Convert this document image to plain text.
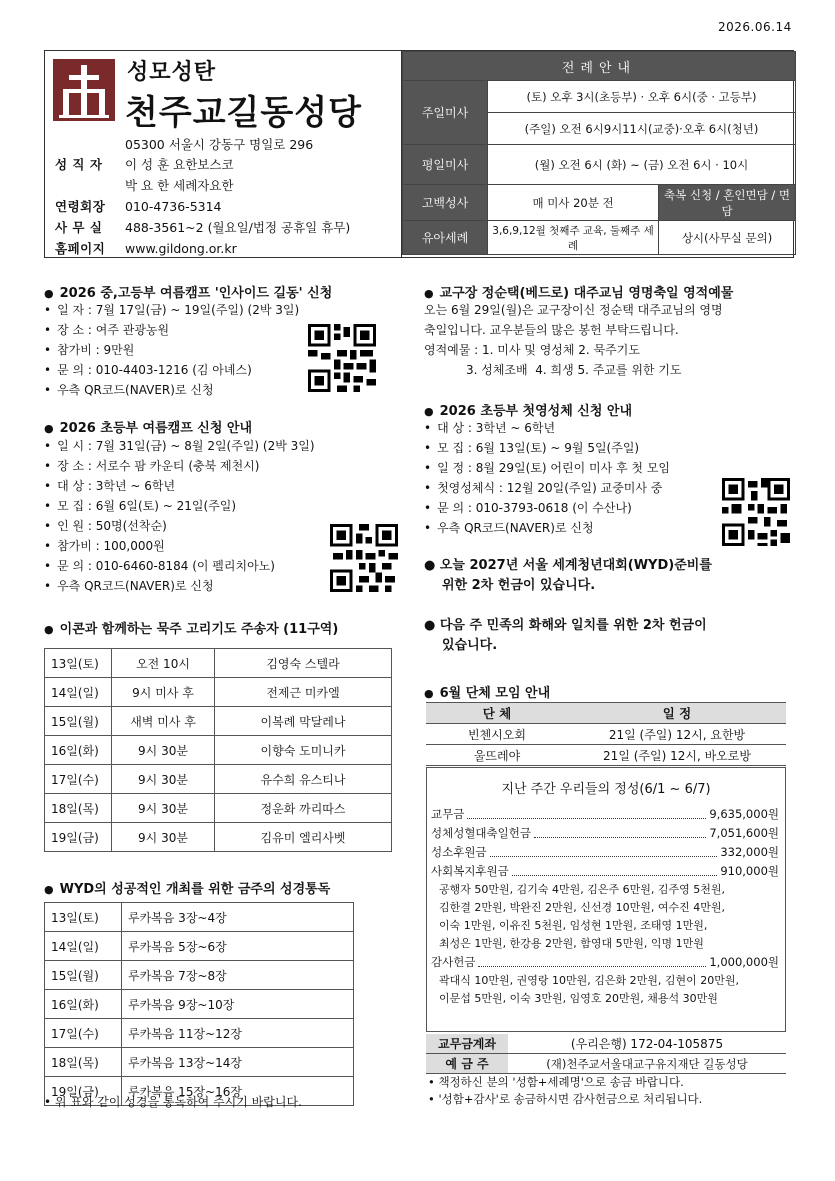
2026.06.14
성모성탄
천주교길동성당
05300 서울시 강동구 명일로 296
성 직 자 이 성 훈 요한보스코
박 요 한 세례자요한
연령회장 010-4736-5314
사 무 실 488-3561~2 (월요일/법정 공휴일 휴무)
홈페이지 www.gildong.or.kr
전례안내		
주일미사	(토) 오후 3시(초등부) · 오후 6시(중 · 고등부)	
	(주일) 오전 6시9시11시(교중)·오후 6시(청년)	
평일미사	(월) 오전 6시 (화) ~ (금) 오전 6시 · 10시	
고백성사	매 미사 20분 전	축복 신청 / 혼인면담 / 면담
유아세례	3,6,9,12월 첫째주 교육, 둘째주 세례	상시(사무실 문의)
● 2026 중,고등부 여름캠프 '인사이드 길동' 신청
• 일 자 : 7월 17일(금) ~ 19일(주일) (2박 3일)
• 장 소 : 여주 관광농원
• 참가비 : 9만원
• 문 의 : 010-4403-1216 (김 아녜스)
• 우측 QR코드(NAVER)로 신청
● 2026 초등부 여름캠프 신청 안내
• 일 시 : 7월 31일(금) ~ 8월 2일(주일) (2박 3일)
• 장 소 : 서로수 팜 카운티 (충북 제천시)
• 대 상 : 3학년 ~ 6학년
• 모 집 : 6월 6일(토) ~ 21일(주일)
• 인 원 : 50명(선착순)
• 참가비 : 100,000원
• 문 의 : 010-6460-8184 (이 펠리치아노)
• 우측 QR코드(NAVER)로 신청
● 이콘과 함께하는 묵주 고리기도 주송자 (11구역)
13일(토)	오전 10시	김영숙 스텔라
14일(일)	9시 미사 후	전제근 미카엘
15일(월)	새벽 미사 후	이복례 막달레나
16일(화)	9시 30분	이향숙 도미니카
17일(수)	9시 30분	유수희 유스티나
18일(목)	9시 30분	정운화 까리따스
19일(금)	9시 30분	김유미 엘리사벳
● WYD의 성공적인 개최를 위한 금주의 성경통독
13일(토)	루카복음 3장~4장
14일(일)	루카복음 5장~6장
15일(월)	루카복음 7장~8장
16일(화)	루카복음 9장~10장
17일(수)	루카복음 11장~12장
18일(목)	루카복음 13장~14장
19일(금)	루카복음 15장~16장
• 위 표와 같이 성경을 통독하여 주시기 바랍니다.
● 교구장 정순택(베드로) 대주교님 영명축일 영적예물
오는 6월 29일(월)은 교구장이신 정순택 대주교님의 영명
축일입니다. 교우분들의 많은 봉헌 부탁드립니다.
영적예물 : 1. 미사 및 영성체 2. 묵주기도
3. 성체조배  4. 희생 5. 주교를 위한 기도
● 2026 초등부 첫영성체 신청 안내
• 대 상 : 3학년 ~ 6학년
• 모 집 : 6월 13일(토) ~ 9월 5일(주일)
• 일 정 : 8월 29일(토) 어린이 미사 후 첫 모임
• 첫영성체식 : 12월 20일(주일) 교중미사 중
• 문 의 : 010-3793-0618 (이 수산나)
• 우측 QR코드(NAVER)로 신청
● 오늘 2027년 서울 세계청년대회(WYD)준비를
위한 2차 헌금이 있습니다.
● 다음 주 민족의 화해와 일치를 위한 2차 헌금이
있습니다.
● 6월 단체 모임 안내
단 체	일 정
빈첸시오회	21일 (주일) 12시, 요한방
울뜨레야	21일 (주일) 12시, 바오로방
지난 주간 우리들의 정성(6/1 ~ 6/7)
교무금	9,635,000원
성체성혈대축일헌금	7,051,600원
성소후원금	332,000원
사회복지후원금	910,000원
공행자 50만원, 김기숙 4만원, 김은주 6만원, 김주영 5천원,
김한결 2만원, 박완진 2만원, 신선경 10만원, 여수진 4만원,
이숙 1만원, 이유진 5천원, 임성현 1만원, 조태영 1만원,
최성은 1만원, 한강용 2만원, 함영대 5만원, 익명 1만원
감사헌금	1,000,000원
곽대식 10만원, 권영랑 10만원, 김은화 2만원, 김현이 20만원,
이문섭 5만원, 이숙 3만원, 임영호 20만원, 채용석 30만원
교무금계좌	(우리은행) 172-04-105875
예 금 주	(재)천주교서울대교구유지재단 길동성당
• 책정하신 분의 '성함+세례명'으로 송금 바랍니다.
• '성함+감사'로 송금하시면 감사헌금으로 처리됩니다.
